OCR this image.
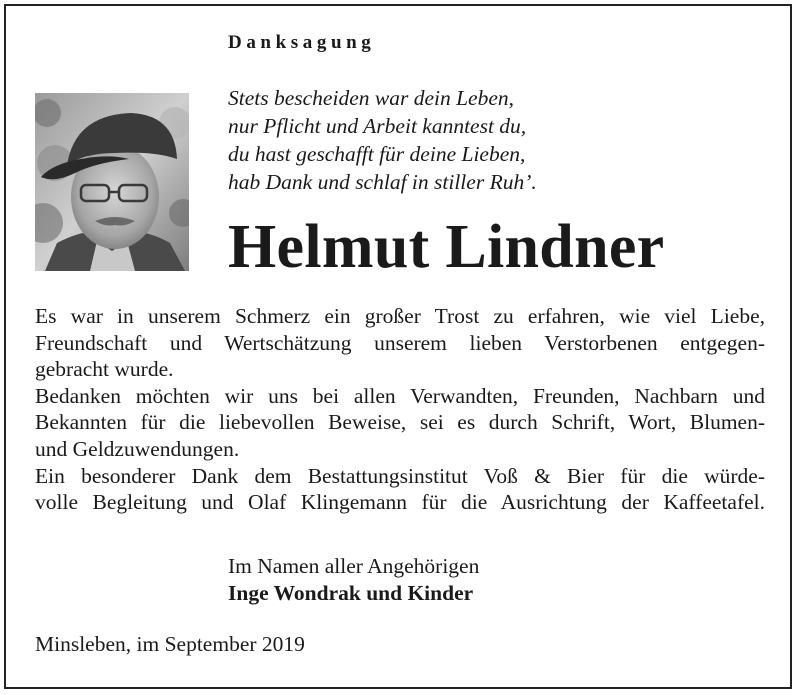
Danksagung
Stets bescheiden war dein Leben,
nur Pflicht und Arbeit kanntest du,
du hast geschafft für deine Lieben,
hab Dank und schlaf in stiller Ruh’.
Helmut Lindner
Es war in unserem Schmerz ein großer Trost zu erfahren, wie viel Liebe,
Freundschaft und Wertschätzung unserem lieben Verstorbenen entgegen-
gebracht wurde.
Bedanken möchten wir uns bei allen Verwandten, Freunden, Nachbarn und
Bekannten für die liebevollen Beweise, sei es durch Schrift, Wort, Blumen-
und Geldzuwendungen.
Ein besonderer Dank dem Bestattungsinstitut Voß & Bier für die würde-
volle Begleitung und Olaf Klingemann für die Ausrichtung der Kaffeetafel.
Im Namen aller Angehörigen
Inge Wondrak und Kinder
Minsleben, im September 2019
